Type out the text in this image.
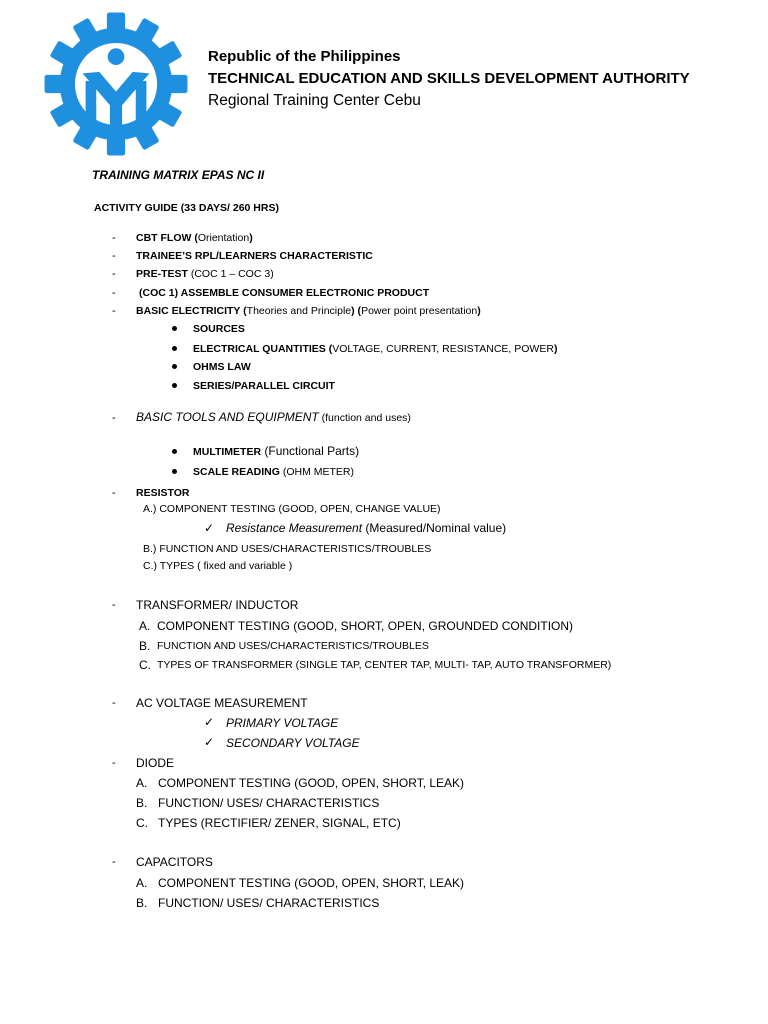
Republic of the Philippines
TECHNICAL EDUCATION AND SKILLS DEVELOPMENT AUTHORITY
Regional Training Center Cebu
TRAINING MATRIX EPAS NC II
ACTIVITY GUIDE (33 DAYS/ 260 HRS)
-
-
-
-
-
-
-
-
-
-
-
CBT FLOW (Orientation)
TRAINEE’S RPL/LEARNERS CHARACTERISTIC
PRE-TEST (COC 1 – COC 3)
(COC 1) ASSEMBLE CONSUMER ELECTRONIC PRODUCT
BASIC ELECTRICITY (Theories and Principle) (Power point presentation)
SOURCES
ELECTRICAL QUANTITIES (VOLTAGE, CURRENT, RESISTANCE, POWER)
OHMS LAW
SERIES/PARALLEL CIRCUIT
BASIC TOOLS AND EQUIPMENT (function and uses)
MULTIMETER (Functional Parts)
SCALE READING (OHM METER)
RESISTOR
A.) COMPONENT TESTING (GOOD, OPEN, CHANGE VALUE)
✓ Resistance Measurement (Measured/Nominal value)
B.) FUNCTION AND USES/CHARACTERISTICS/TROUBLES
C.) TYPES ( fixed and variable )
TRANSFORMER/ INDUCTOR
A. COMPONENT TESTING (GOOD, SHORT, OPEN, GROUNDED CONDITION)
B. FUNCTION AND USES/CHARACTERISTICS/TROUBLES
C. TYPES OF TRANSFORMER (SINGLE TAP, CENTER TAP, MULTI- TAP, AUTO TRANSFORMER)
AC VOLTAGE MEASUREMENT
✓ PRIMARY VOLTAGE
✓ SECONDARY VOLTAGE
DIODE
A. COMPONENT TESTING (GOOD, OPEN, SHORT, LEAK)
B. FUNCTION/ USES/ CHARACTERISTICS
C. TYPES (RECTIFIER/ ZENER, SIGNAL, ETC)
CAPACITORS
A. COMPONENT TESTING (GOOD, OPEN, SHORT, LEAK)
B. FUNCTION/ USES/ CHARACTERISTICS
